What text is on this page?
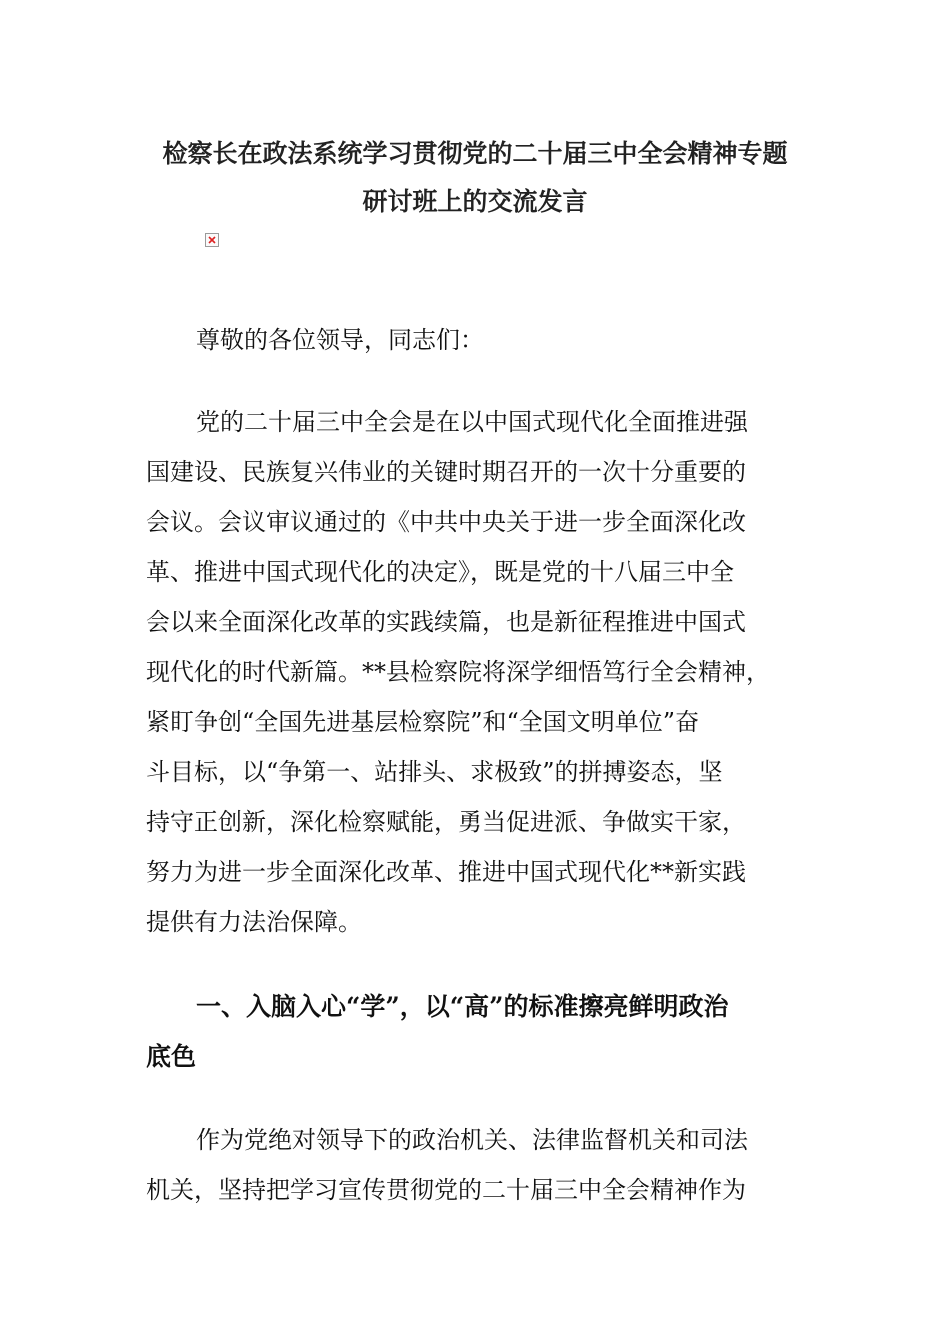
检察长在政法系统学习贯彻党的二十届三中全会精神专题
研讨班上的交流发言

尊敬的各位领导，同志们：

党的二十届三中全会是在以中国式现代化全面推进强
国建设、民族复兴伟业的关键时期召开的一次十分重要的
会议。会议审议通过的《中共中央关于进一步全面深化改
革、推进中国式现代化的决定》，既是党的十八届三中全
会以来全面深化改革的实践续篇，也是新征程推进中国式
现代化的时代新篇。**县检察院将深学细悟笃行全会精神，
紧盯争创“全国先进基层检察院”和“全国文明单位”奋
斗目标，以“争第一、站排头、求极致”的拼搏姿态，坚
持守正创新，深化检察赋能，勇当促进派、争做实干家，
努力为进一步全面深化改革、推进中国式现代化**新实践
提供有力法治保障。

一、入脑入心“学”，以“高”的标准擦亮鲜明政治
底色

作为党绝对领导下的政治机关、法律监督机关和司法
机关，坚持把学习宣传贯彻党的二十届三中全会精神作为
